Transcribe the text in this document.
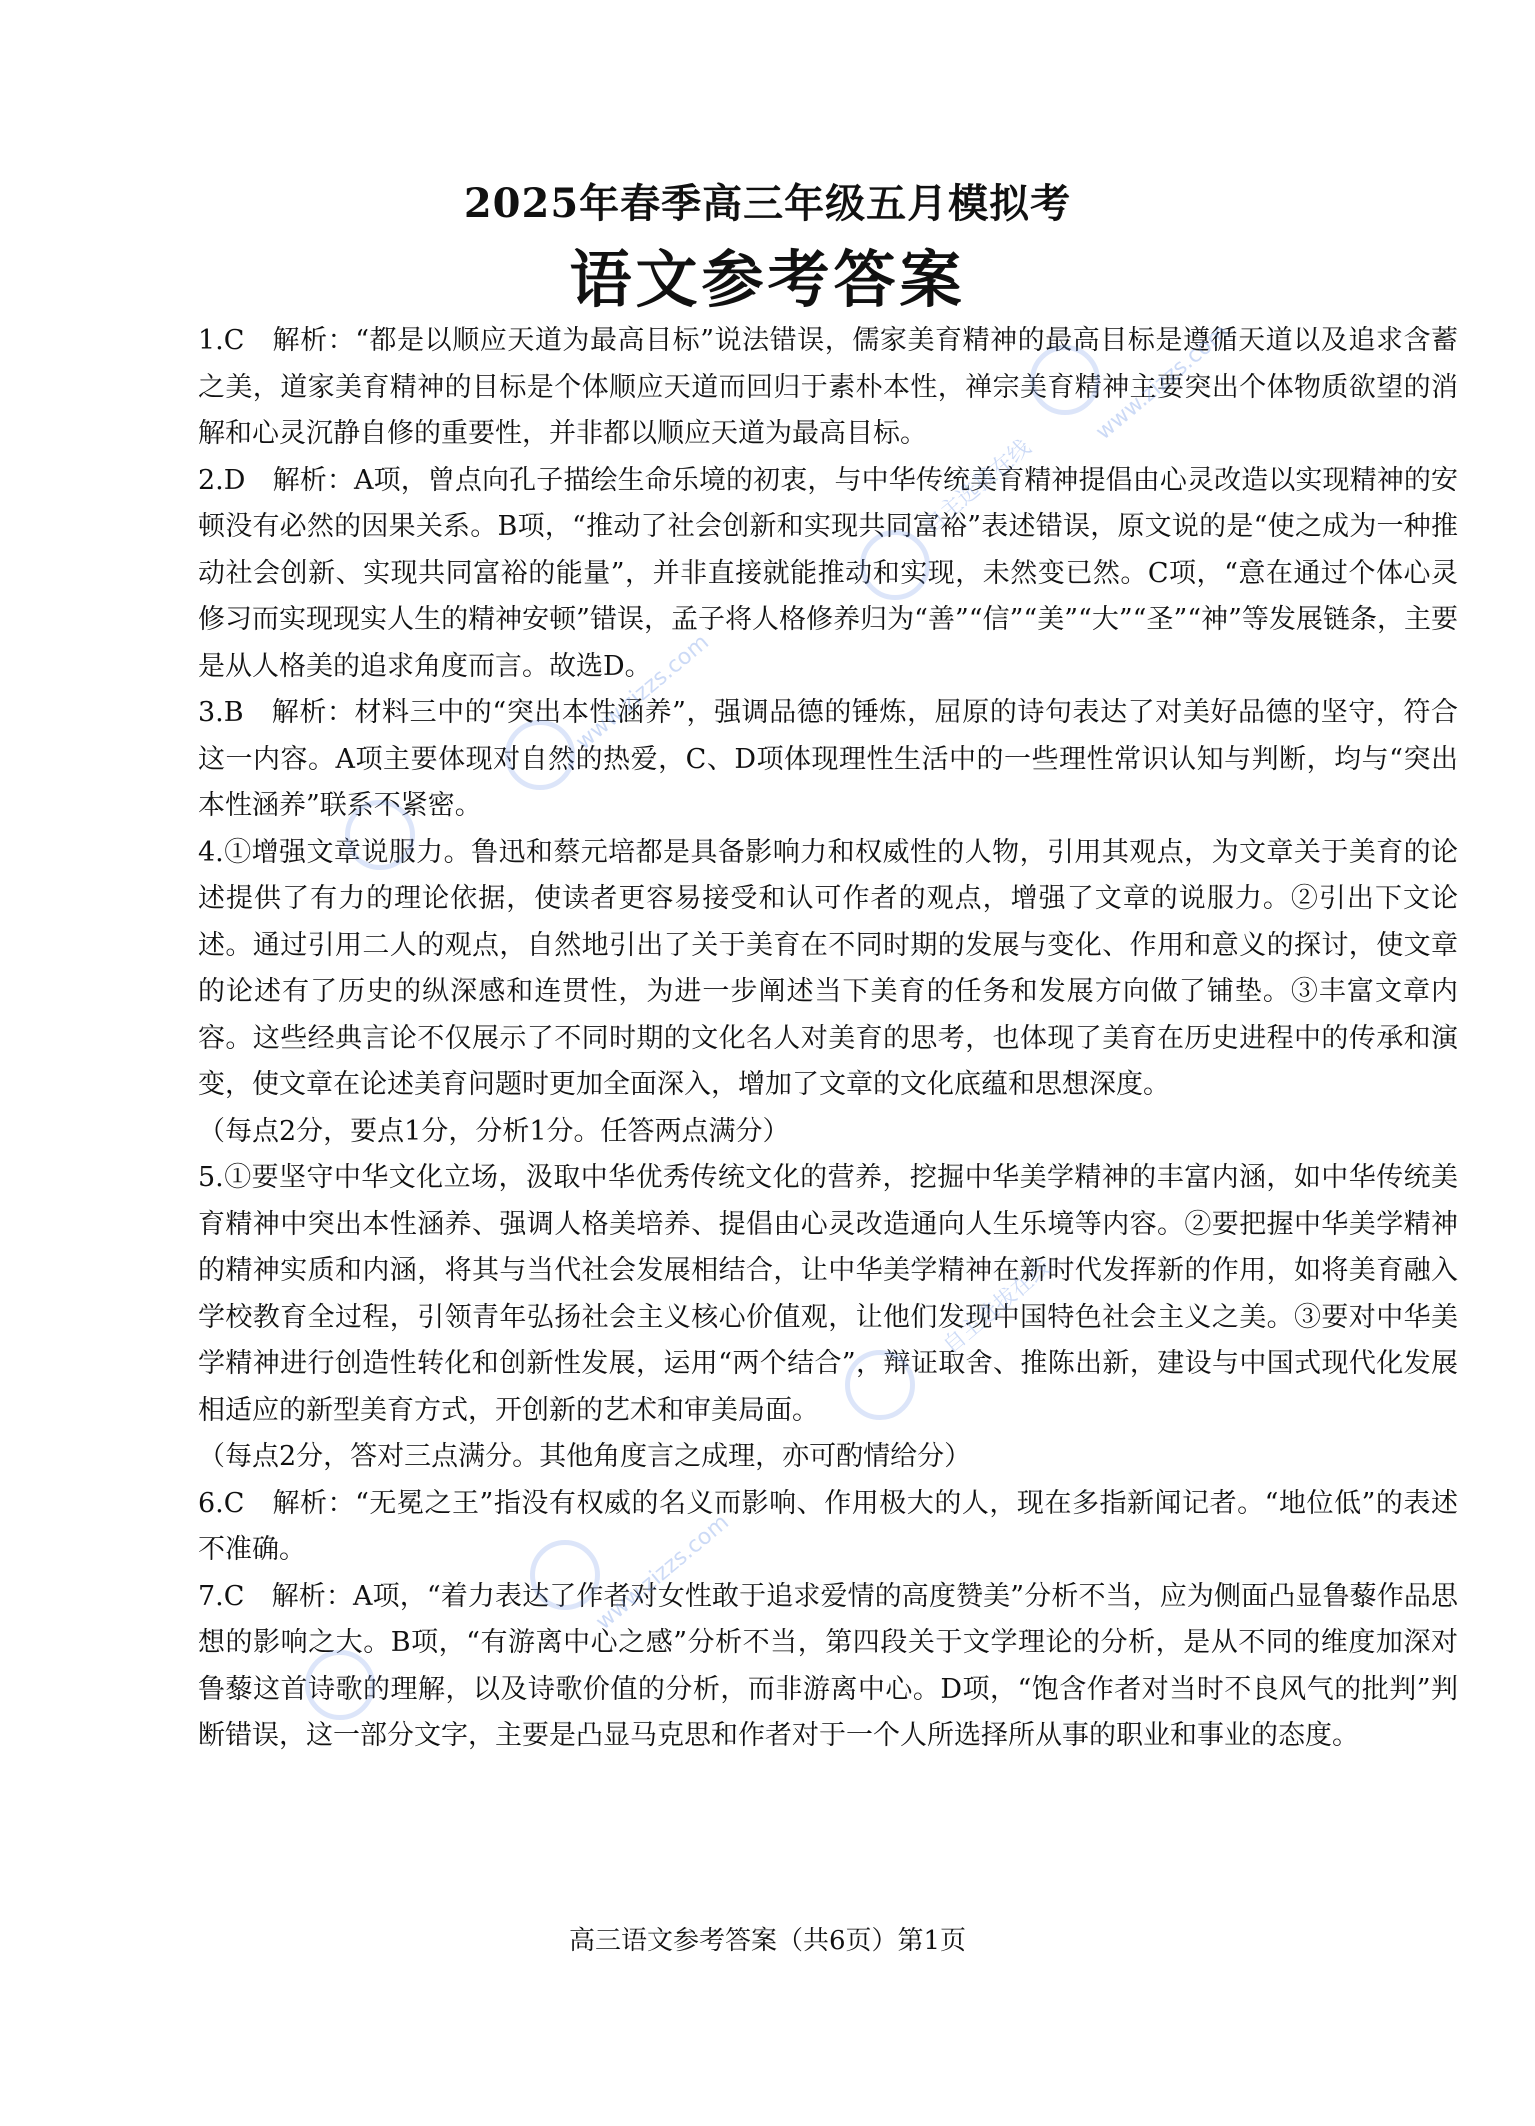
2025年春季高三年级五月模拟考
语文参考答案

1.C　解析：“都是以顺应天道为最高目标”说法错误，儒家美育精神的最高目标是遵循天道以及追求含蓄之美，道家美育精神的目标是个体顺应天道而回归于素朴本性，禅宗美育精神主要突出个体物质欲望的消解和心灵沉静自修的重要性，并非都以顺应天道为最高目标。

2.D　解析：A项，曾点向孔子描绘生命乐境的初衷，与中华传统美育精神提倡由心灵改造以实现精神的安顿没有必然的因果关系。B项，“推动了社会创新和实现共同富裕”表述错误，原文说的是“使之成为一种推动社会创新、实现共同富裕的能量”，并非直接就能推动和实现，未然变已然。C项，“意在通过个体心灵修习而实现现实人生的精神安顿”错误，孟子将人格修养归为“善”“信”“美”“大”“圣”“神”等发展链条，主要是从人格美的追求角度而言。故选D。

3.B　解析：材料三中的“突出本性涵养”，强调品德的锤炼，屈原的诗句表达了对美好品德的坚守，符合这一内容。A项主要体现对自然的热爱，C、D项体现理性生活中的一些理性常识认知与判断，均与“突出本性涵养”联系不紧密。

4.①增强文章说服力。鲁迅和蔡元培都是具备影响力和权威性的人物，引用其观点，为文章关于美育的论述提供了有力的理论依据，使读者更容易接受和认可作者的观点，增强了文章的说服力。②引出下文论述。通过引用二人的观点，自然地引出了关于美育在不同时期的发展与变化、作用和意义的探讨，使文章的论述有了历史的纵深感和连贯性，为进一步阐述当下美育的任务和发展方向做了铺垫。③丰富文章内容。这些经典言论不仅展示了不同时期的文化名人对美育的思考，也体现了美育在历史进程中的传承和演变，使文章在论述美育问题时更加全面深入，增加了文章的文化底蕴和思想深度。

（每点2分，要点1分，分析1分。任答两点满分）

5.①要坚守中华文化立场，汲取中华优秀传统文化的营养，挖掘中华美学精神的丰富内涵，如中华传统美育精神中突出本性涵养、强调人格美培养、提倡由心灵改造通向人生乐境等内容。②要把握中华美学精神的精神实质和内涵，将其与当代社会发展相结合，让中华美学精神在新时代发挥新的作用，如将美育融入学校教育全过程，引领青年弘扬社会主义核心价值观，让他们发现中国特色社会主义之美。③要对中华美学精神进行创造性转化和创新性发展，运用“两个结合”，辩证取舍、推陈出新，建设与中国式现代化发展相适应的新型美育方式，开创新的艺术和审美局面。

（每点2分，答对三点满分。其他角度言之成理，亦可酌情给分）

6.C　解析：“无冕之王”指没有权威的名义而影响、作用极大的人，现在多指新闻记者。“地位低”的表述不准确。

7.C　解析：A项，“着力表达了作者对女性敢于追求爱情的高度赞美”分析不当，应为侧面凸显鲁藜作品思想的影响之大。B项，“有游离中心之感”分析不当，第四段关于文学理论的分析，是从不同的维度加深对鲁藜这首诗歌的理解，以及诗歌价值的分析，而非游离中心。D项，“饱含作者对当时不良风气的批判”判断错误，这一部分文字，主要是凸显马克思和作者对于一个人所选择所从事的职业和事业的态度。

高三语文参考答案（共6页）第1页
www.zizzs.com
自主选拔在线
www.zizzs.com
自主选拔在线
www.zizzs.com
